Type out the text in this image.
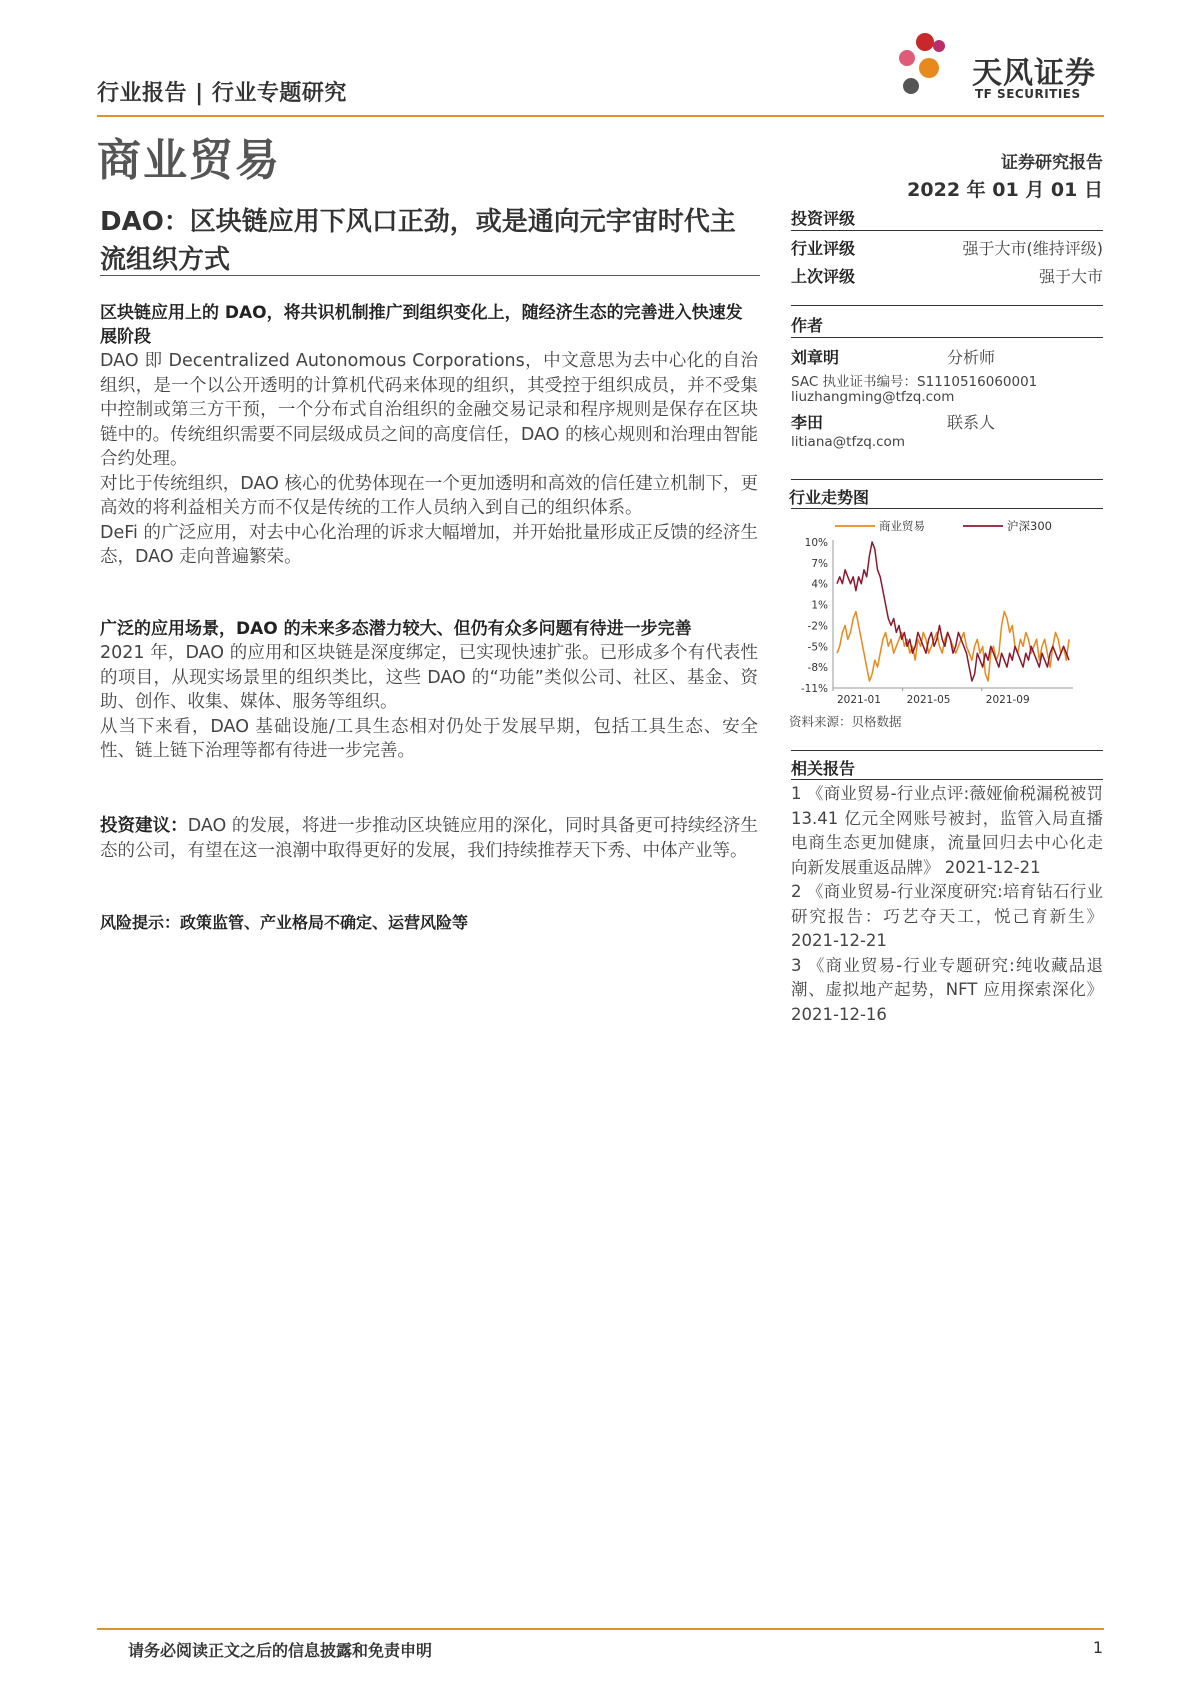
行业报告 | 行业专题研究
天风证券
TF SECURITIES
商业贸易	证券研究报告
2022 年 01 月 01 日
DAO：区块链应用下风口正劲，或是通向元宇宙时代主流组织方式
区块链应用上的 DAO，将共识机制推广到组织变化上，随经济生态的完善进入快速发展阶段

DAO 即 Decentralized Autonomous Corporations，中文意思为去中心化的自治组织，是一个以公开透明的计算机代码来体现的组织，其受控于组织成员，并不受集中控制或第三方干预，一个分布式自治组织的金融交易记录和程序规则是保存在区块链中的。传统组织需要不同层级成员之间的高度信任，DAO 的核心规则和治理由智能合约处理。

对比于传统组织，DAO 核心的优势体现在一个更加透明和高效的信任建立机制下，更高效的将利益相关方而不仅是传统的工作人员纳入到自己的组织体系。

DeFi 的广泛应用，对去中心化治理的诉求大幅增加，并开始批量形成正反馈的经济生态，DAO 走向普遍繁荣。

广泛的应用场景，DAO 的未来多态潜力较大、但仍有众多问题有待进一步完善

2021 年，DAO 的应用和区块链是深度绑定，已实现快速扩张。已形成多个有代表性的项目，从现实场景里的组织类比，这些 DAO 的“功能”类似公司、社区、基金、资助、创作、收集、媒体、服务等组织。

从当下来看，DAO 基础设施/工具生态相对仍处于发展早期，包括工具生态、安全性、链上链下治理等都有待进一步完善。

投资建议：DAO 的发展，将进一步推动区块链应用的深化，同时具备更可持续经济生态的公司，有望在这一浪潮中取得更好的发展，我们持续推荐天下秀、中体产业等。
风险提示：政策监管、产业格局不确定、运营风险等
投资评级
行业评级	强于大市(维持评级)
上次评级	强于大市
作者
刘章明	分析师
SAC 执业证书编号：S1110516060001
liuzhangming@tfzq.com
李田	联系人
litiana@tfzq.com
行业走势图
商业贸易	沪深300
10%
7%
4%
1%
-2%
-5%
-8%
-11%
2021-01 2021-05	2021-09
资料来源：贝格数据
相关报告

1 《商业贸易-行业点评:薇娅偷税漏税被罚 13.41 亿元全网账号被封，监管入局直播电商生态更加健康，流量回归去中心化走向新发展重返品牌》 2021-12-21

2 《商业贸易-行业深度研究:培育钻石行业研究报告：巧艺夺天工，悦己育新生》 2021-12-21

3 《商业贸易-行业专题研究:纯收藏品退潮、虚拟地产起势，NFT 应用探索深化》 2021-12-16

请务必阅读正文之后的信息披露和免责申明	1
